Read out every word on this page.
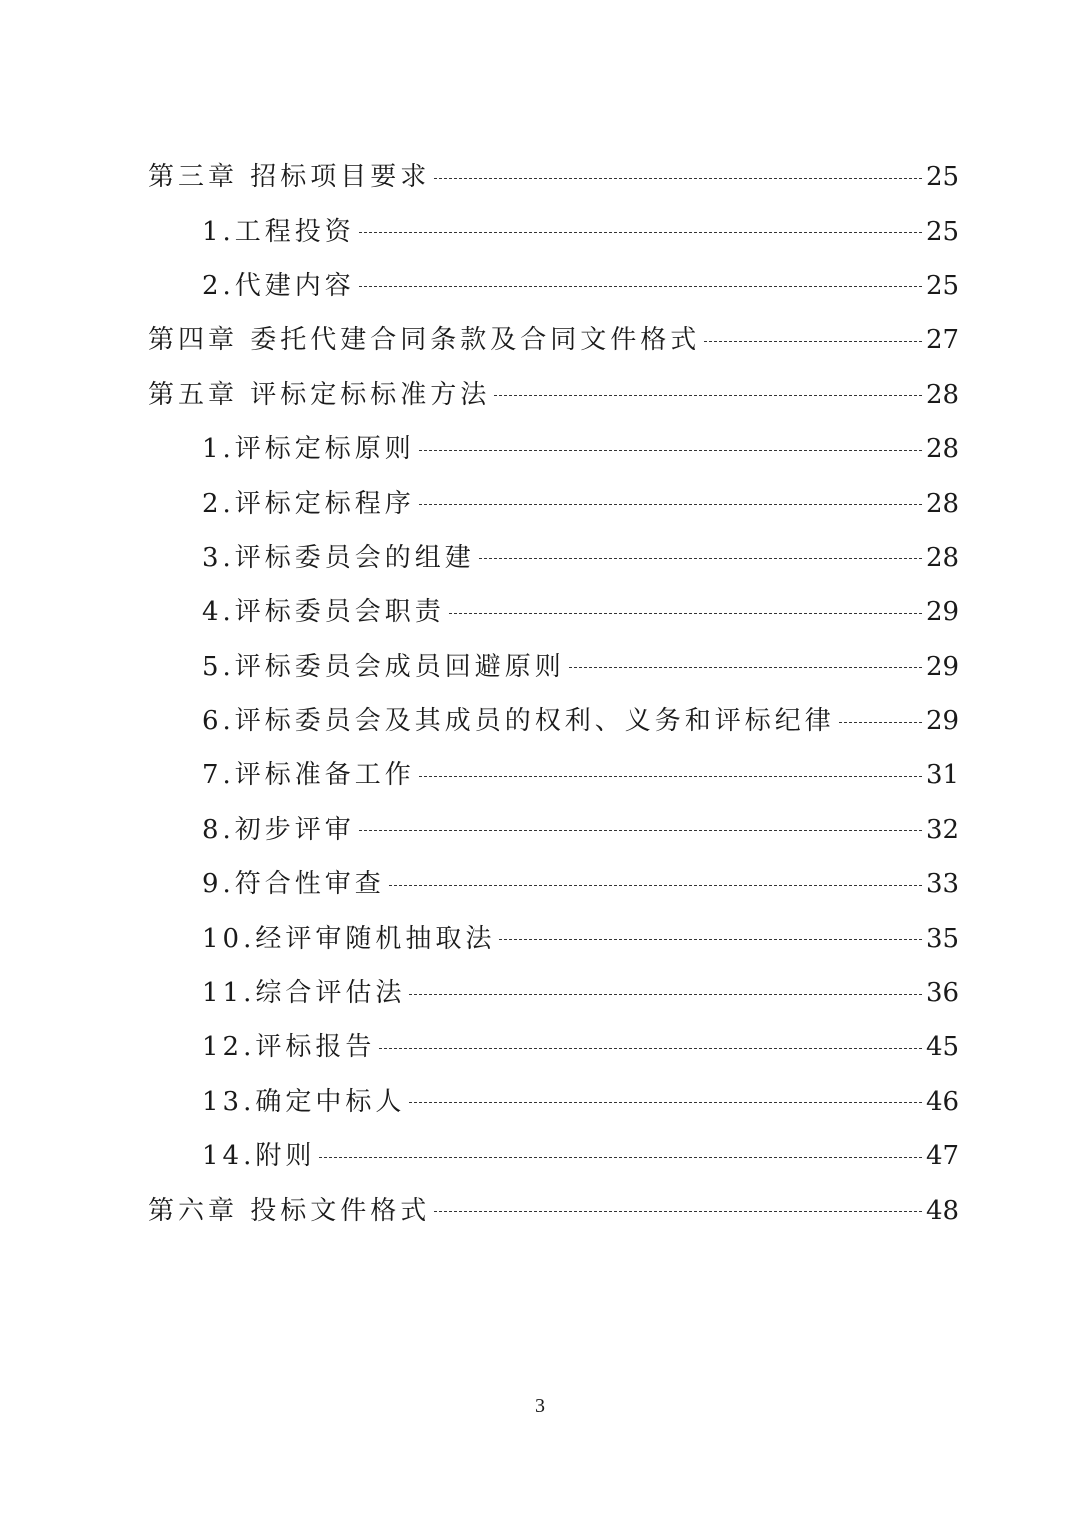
第三章 招标项目要求	25
1.工程投资	25
2.代建内容	25
第四章 委托代建合同条款及合同文件格式	27
第五章 评标定标标准方法	28
1.评标定标原则	28
2.评标定标程序	28
3.评标委员会的组建	28
4.评标委员会职责	29
5.评标委员会成员回避原则	29
6.评标委员会及其成员的权利、义务和评标纪律	29
7.评标准备工作	31
8.初步评审	32
9.符合性审查	33
10.经评审随机抽取法	35
11.综合评估法	36
12.评标报告	45
13.确定中标人	46
14.附则	47
第六章 投标文件格式	48
3
